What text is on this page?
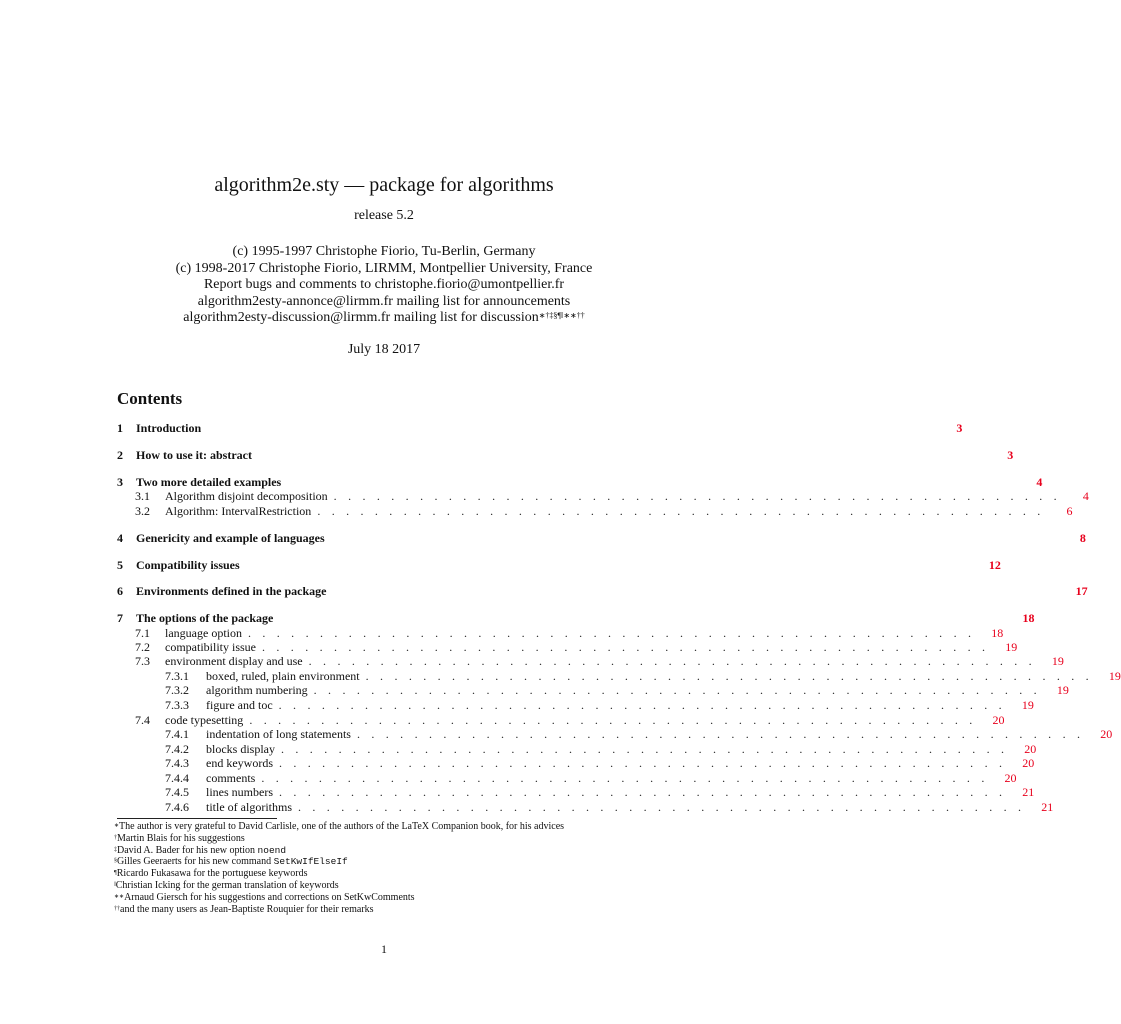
algorithm2e.sty — package for algorithms
release 5.2
(c) 1995-1997 Christophe Fiorio, Tu-Berlin, Germany
(c) 1998-2017 Christophe Fiorio, LIRMM, Montpellier University, France
Report bugs and comments to christophe.fiorio@umontpellier.fr
algorithm2esty-annonce@lirmm.fr mailing list for announcements
algorithm2esty-discussion@lirmm.fr mailing list for discussion∗†‡§¶‖∗∗††
July 18 2017
Contents
1	Introduction	3
2	How to use it: abstract	3
3	Two more detailed examples	4
3.1	Algorithm disjoint decomposition . . . . . . . . . . . . . . . . . . . . . . . . . . . . . . . . . . . . . . . . . . . . . . . . . . .	4
3.2	Algorithm: IntervalRestriction . . . . . . . . . . . . . . . . . . . . . . . . . . . . . . . . . . . . . . . . . . . . . . . . . . .	6
4	Genericity and example of languages	8
5	Compatibility issues	12
6	Environments defined in the package	17
7	The options of the package	18
7.1	language option . . . . . . . . . . . . . . . . . . . . . . . . . . . . . . . . . . . . . . . . . . . . . . . . . . .	18
7.2	compatibility issue . . . . . . . . . . . . . . . . . . . . . . . . . . . . . . . . . . . . . . . . . . . . . . . . . . .	19
7.3	environment display and use . . . . . . . . . . . . . . . . . . . . . . . . . . . . . . . . . . . . . . . . . . . . . . . . . . .	19
7.3.1	boxed, ruled, plain environment . . . . . . . . . . . . . . . . . . . . . . . . . . . . . . . . . . . . . . . . . . . . . . . . . . .	19
7.3.2	algorithm numbering . . . . . . . . . . . . . . . . . . . . . . . . . . . . . . . . . . . . . . . . . . . . . . . . . . .	19
7.3.3	figure and toc . . . . . . . . . . . . . . . . . . . . . . . . . . . . . . . . . . . . . . . . . . . . . . . . . . .	19
7.4	code typesetting . . . . . . . . . . . . . . . . . . . . . . . . . . . . . . . . . . . . . . . . . . . . . . . . . . .	20
7.4.1	indentation of long statements . . . . . . . . . . . . . . . . . . . . . . . . . . . . . . . . . . . . . . . . . . . . . . . . . . .	20
7.4.2	blocks display . . . . . . . . . . . . . . . . . . . . . . . . . . . . . . . . . . . . . . . . . . . . . . . . . . .	20
7.4.3	end keywords . . . . . . . . . . . . . . . . . . . . . . . . . . . . . . . . . . . . . . . . . . . . . . . . . . .	20
7.4.4	comments . . . . . . . . . . . . . . . . . . . . . . . . . . . . . . . . . . . . . . . . . . . . . . . . . . .	20
7.4.5	lines numbers . . . . . . . . . . . . . . . . . . . . . . . . . . . . . . . . . . . . . . . . . . . . . . . . . . .	21
7.4.6	title of algorithms . . . . . . . . . . . . . . . . . . . . . . . . . . . . . . . . . . . . . . . . . . . . . . . . . . .	21
∗The author is very grateful to David Carlisle, one of the authors of the LaTeX Companion book, for his advices
†Martin Blais for his suggestions
‡David A. Bader for his new option noend
§Gilles Geeraerts for his new command SetKwIfElseIf
¶Ricardo Fukasawa for the portuguese keywords
‖Christian Icking for the german translation of keywords
∗∗Arnaud Giersch for his suggestions and corrections on SetKwComments
††and the many users as Jean-Baptiste Rouquier for their remarks
1
